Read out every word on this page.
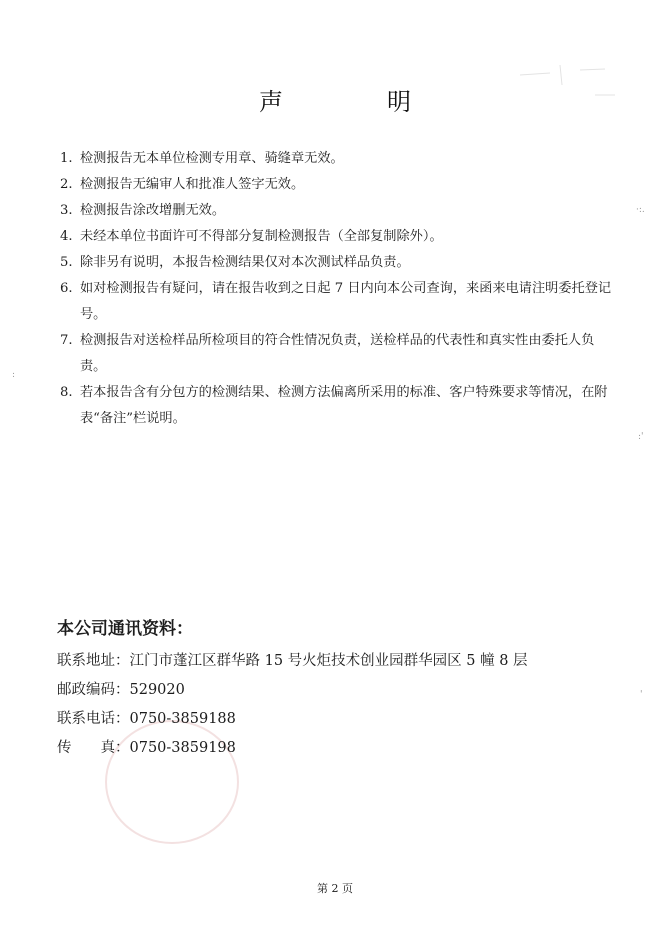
声　明
1. 检测报告无本单位检测专用章、骑缝章无效。
2. 检测报告无编审人和批准人签字无效。
3. 检测报告涂改增删无效。
4. 未经本单位书面许可不得部分复制检测报告（全部复制除外）。
5. 除非另有说明，本报告检测结果仅对本次测试样品负责。
6. 如对检测报告有疑问，请在报告收到之日起 7 日内向本公司查询，来函来电请注明委托登记号。
7. 检测报告对送检样品所检项目的符合性情况负责，送检样品的代表性和真实性由委托人负责。
8. 若本报告含有分包方的检测结果、检测方法偏离所采用的标准、客户特殊要求等情况，在附表“备注”栏说明。
本公司通讯资料：
联系地址：江门市蓬江区群华路 15 号火炬技术创业园群华园区 5 幢 8 层
邮政编码：529020
联系电话：0750-3859188
传　　真：0750-3859198
第 2 页
·:.
:'
'
:
